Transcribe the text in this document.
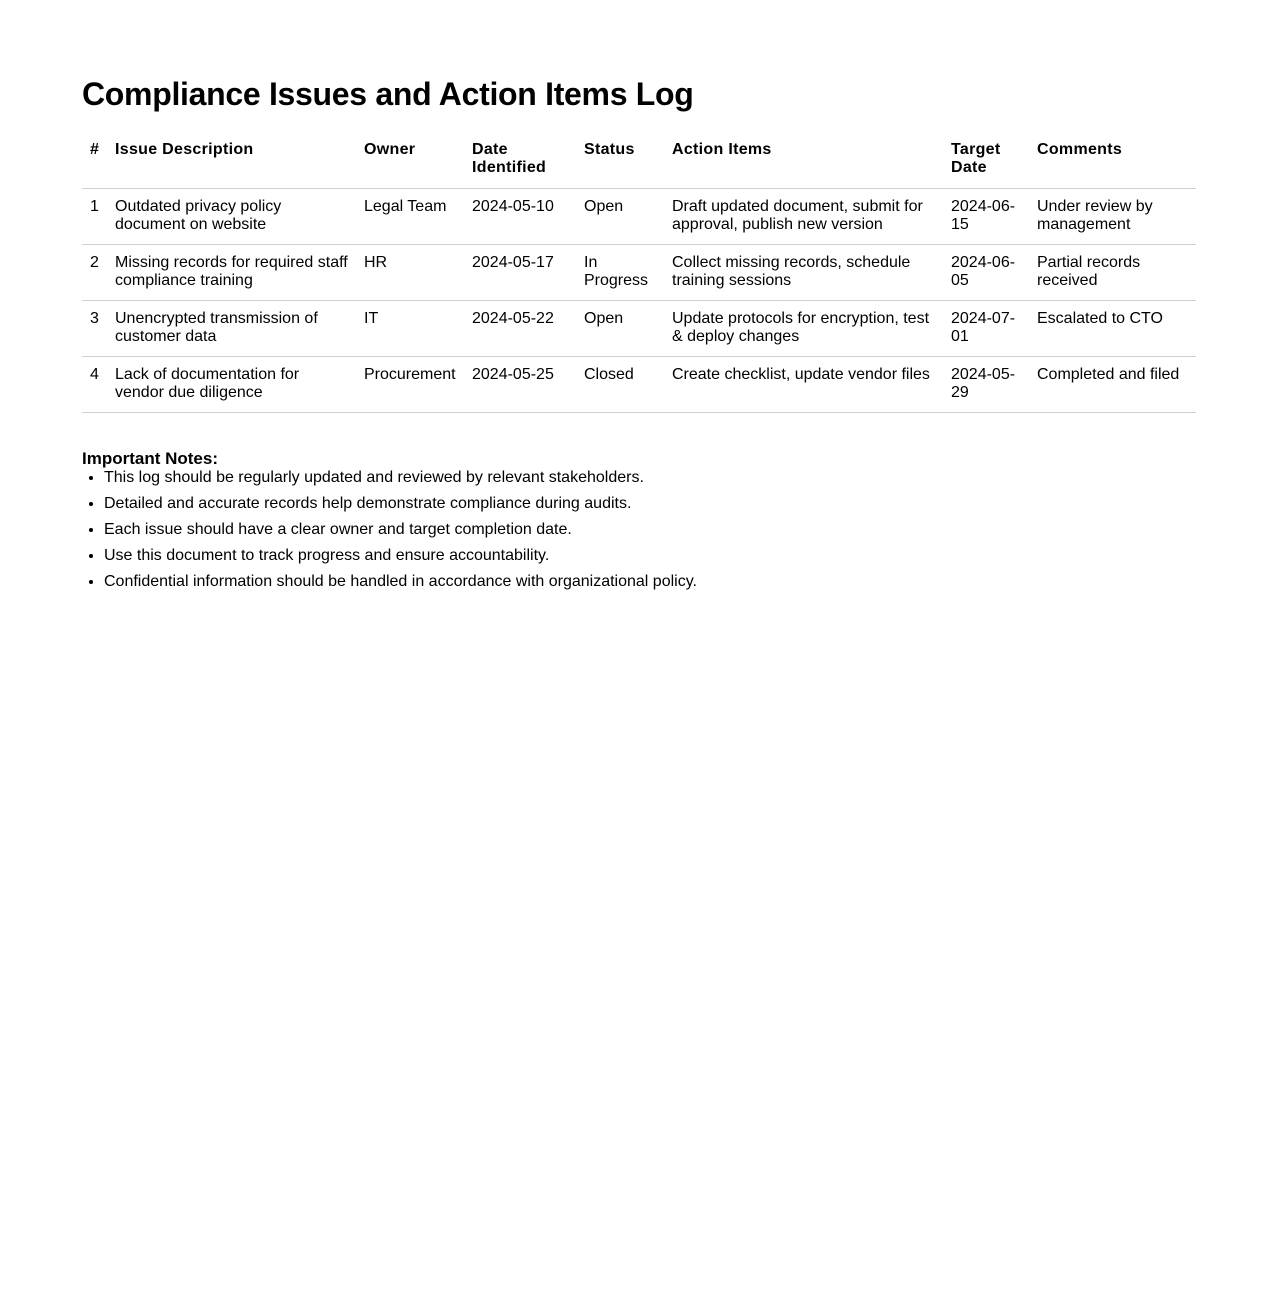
Compliance Issues and Action Items Log
#	Issue Description	Owner	Date Identified	Status	Action Items	Target Date	Comments
1	Outdated privacy policy document on website	Legal Team	2024-05-10	Open	Draft updated document, submit for approval, publish new version	2024-06-15	Under review by management
2	Missing records for required staff compliance training	HR	2024-05-17	In Progress	Collect missing records, schedule training sessions	2024-06-05	Partial records received
3	Unencrypted transmission of customer data	IT	2024-05-22	Open	Update protocols for encryption, test & deploy changes	2024-07-01	Escalated to CTO
4	Lack of documentation for vendor due diligence	Procurement	2024-05-25	Closed	Create checklist, update vendor files	2024-05-29	Completed and filed
Important Notes:
• This log should be regularly updated and reviewed by relevant stakeholders.
• Detailed and accurate records help demonstrate compliance during audits.
• Each issue should have a clear owner and target completion date.
• Use this document to track progress and ensure accountability.
• Confidential information should be handled in accordance with organizational policy.
